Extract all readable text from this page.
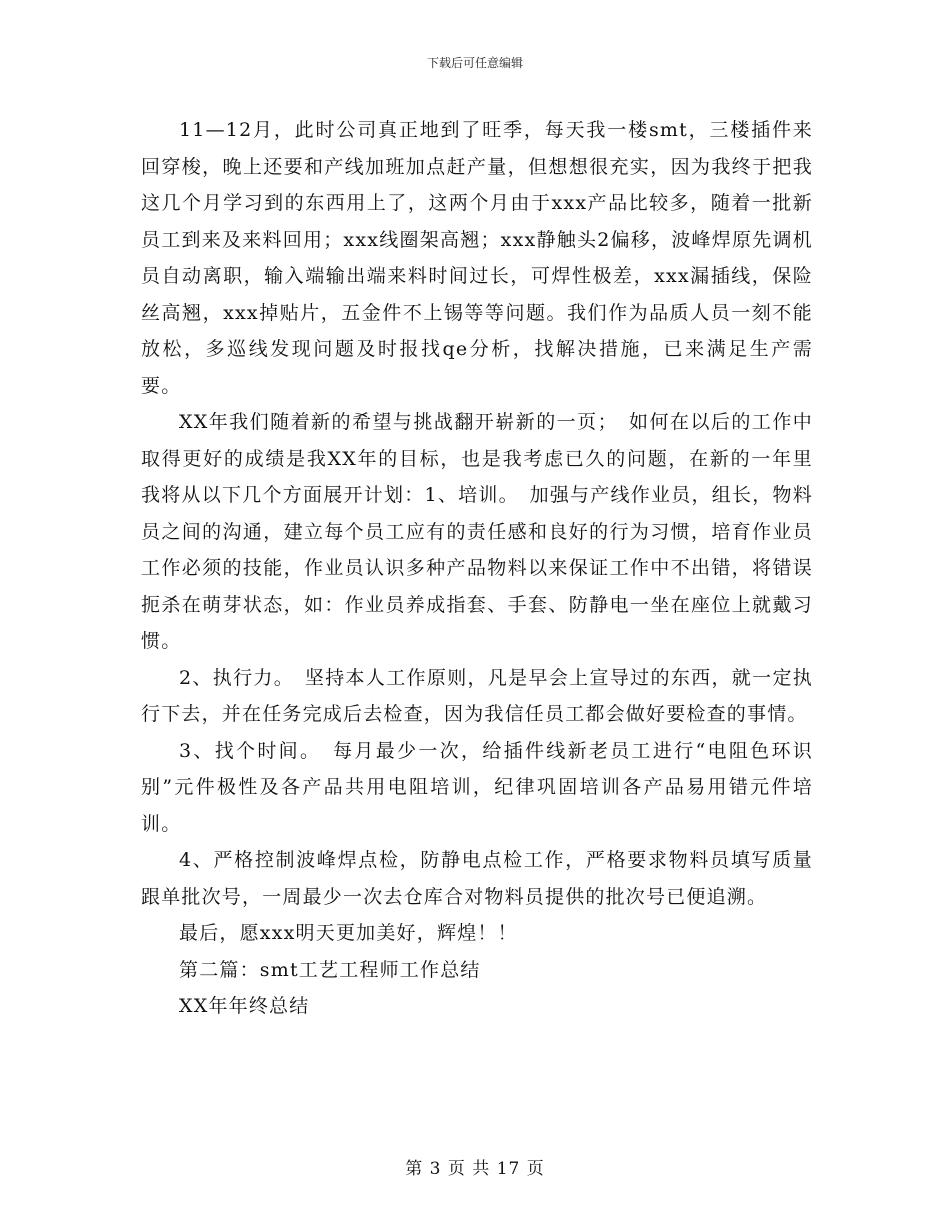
下载后可任意编辑

11—12月，此时公司真正地到了旺季，每天我一楼smt，三楼插件来回穿梭，晚上还要和产线加班加点赶产量，但想想很充实，因为我终于把我这几个月学习到的东西用上了，这两个月由于xxx产品比较多，随着一批新员工到来及来料回用；xxx线圈架高翘；xxx静触头2偏移，波峰焊原先调机员自动离职，输入端输出端来料时间过长，可焊性极差，xxx漏插线，保险丝高翘，xxx掉贴片，五金件不上锡等等问题。我们作为品质人员一刻不能放松，多巡线发现问题及时报找qe分析，找解决措施，已来满足生产需要。

XX年我们随着新的希望与挑战翻开崭新的一页；　如何在以后的工作中取得更好的成绩是我XX年的目标，也是我考虑已久的问题，在新的一年里我将从以下几个方面展开计划：1、培训。　加强与产线作业员，组长，物料员之间的沟通，建立每个员工应有的责任感和良好的行为习惯，培育作业员工作必须的技能，作业员认识多种产品物料以来保证工作中不出错，将错误扼杀在萌芽状态，如：作业员养成指套、手套、防静电一坐在座位上就戴习惯。

2、执行力。　坚持本人工作原则，凡是早会上宣导过的东西，就一定执行下去，并在任务完成后去检查，因为我信任员工都会做好要检查的事情。

3、找个时间。　每月最少一次，给插件线新老员工进行“电阻色环识别”元件极性及各产品共用电阻培训，纪律巩固培训各产品易用错元件培训。

4、严格控制波峰焊点检，防静电点检工作，严格要求物料员填写质量跟单批次号，一周最少一次去仓库合对物料员提供的批次号已便追溯。

最后，愿xxx明天更加美好，辉煌！！

第二篇：smt工艺工程师工作总结

XX年年终总结

第 3 页 共 17 页
